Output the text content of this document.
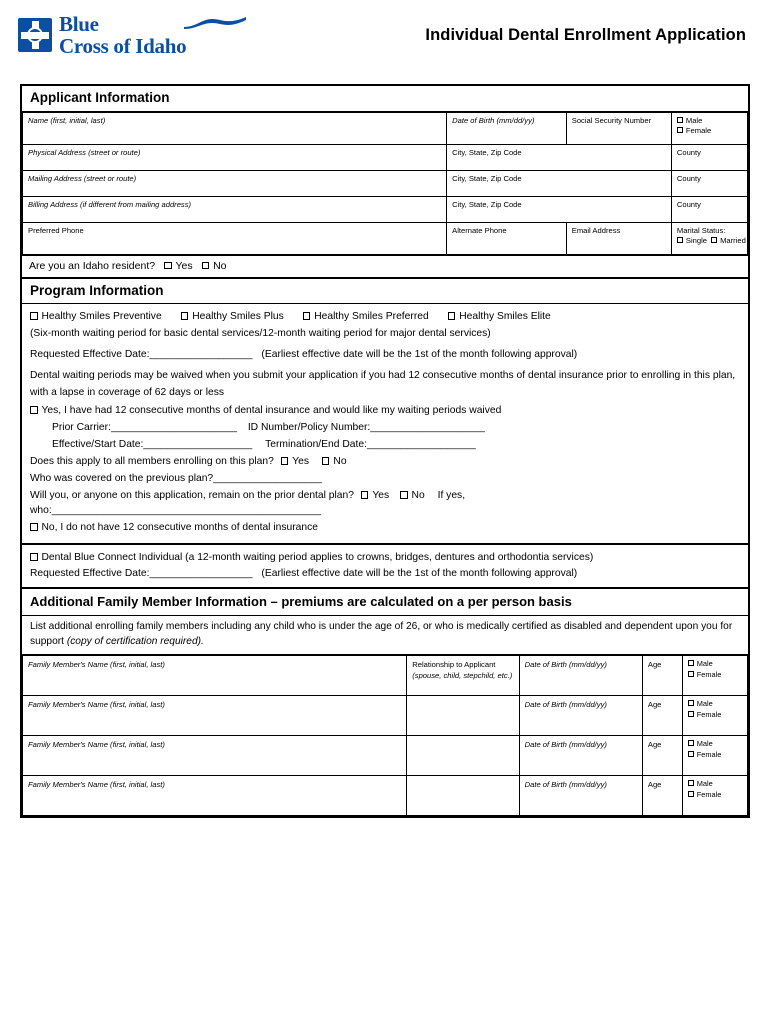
Blue
Cross of Idaho	Individual Dental Enrollment Application
Applicant Information
Name (first, initial, last)	Date of Birth (mm/dd/yy)	Social Security Number	Male
Female

Physical Address (street or route)	City, State, Zip Code		County
Mailing Address (street or route)	City, State, Zip Code		County
Billing Address (if different from mailing address)	City, State, Zip Code		County
Preferred Phone	Alternate Phone	Email Address	Marital Status:
Single Married
Are you an Idaho resident? Yes No
Program Information
Healthy Smiles Preventive	Healthy Smiles Plus	Healthy Smiles Preferred	Healthy Smiles Elite
(Six-month waiting period for basic dental services/12-month waiting period for major dental services)
Requested Effective Date:__________________ (Earliest effective date will be the 1st of the month following approval)
Dental waiting periods may be waived when you submit your application if you had 12 consecutive months of dental insurance prior to enrolling in this plan,
with a lapse in coverage of 62 days or less
Yes, I have had 12 consecutive months of dental insurance and would like my waiting periods waived
Prior Carrier:______________________ ID Number/Policy Number:____________________
Effective/Start Date:___________________ Termination/End Date:___________________
Does this apply to all members enrolling on this plan? Yes No
Who was covered on the previous plan?___________________
Will you, or anyone on this application, remain on the prior dental plan? Yes No If yes, who:_______________________________________________
No, I do not have 12 consecutive months of dental insurance
Dental Blue Connect Individual (a 12-month waiting period applies to crowns, bridges, dentures and orthodontia services)
Requested Effective Date:__________________ (Earliest effective date will be the 1st of the month following approval)
Additional Family Member Information – premiums are calculated on a per person basis
List additional enrolling family members including any child who is under the age of 26, or who is medically certified as disabled and dependent upon you for
support (copy of certification required).
Family Member's Name (first, initial, last)	Relationship to Applicant
(spouse, child, stepchild, etc.)
	Date of Birth (mm/dd/yy)	Age	Male
Female

Family Member's Name (first, initial, last)		Date of Birth (mm/dd/yy)	Age	Male
Female

Family Member's Name (first, initial, last)		Date of Birth (mm/dd/yy)	Age	Male
Female

Family Member's Name (first, initial, last)		Date of Birth (mm/dd/yy)	Age	Male
Female
